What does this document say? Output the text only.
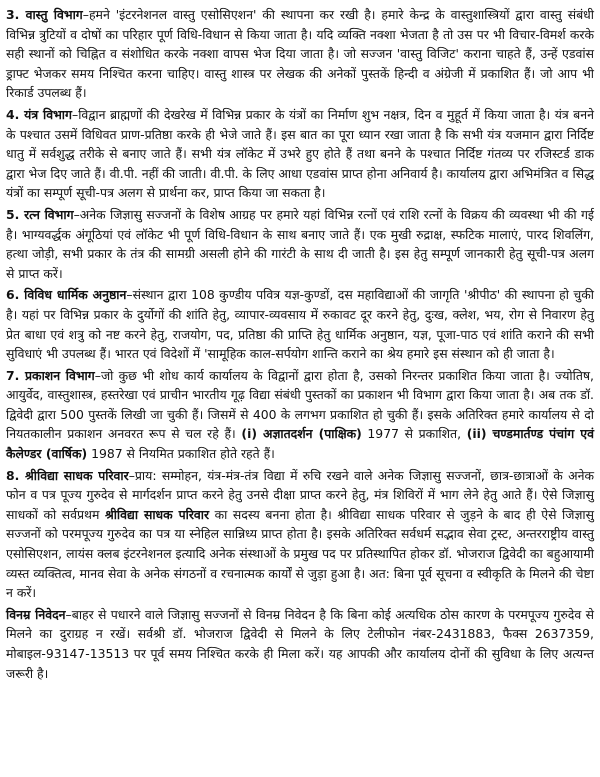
3. वास्तु विभाग–हमने 'इंटरनेशनल वास्तु एसोसिएशन' की स्थापना कर रखी है। हमारे केन्द्र के वास्तुशास्त्रियों द्वारा वास्तु संबंधी विभिन्न त्रुटियों व दोषों का परिहार पूर्ण विधि-विधान से किया जाता है। यदि व्यक्ति नक्शा भेजता है तो उस पर भी विचार-विमर्श करके सही स्थानों को चिह्नित व संशोधित करके नक्शा वापस भेज दिया जाता है। जो सज्जन 'वास्तु विजिट' कराना चाहते हैं, उन्हें एडवांस ड्राफ्ट भेजकर समय निश्चित करना चाहिए। वास्तु शास्त्र पर लेखक की अनेकों पुस्तकें हिन्दी व अंग्रेजी में प्रकाशित हैं। जो आप भी रिकार्ड उपलब्ध हैं।

4. यंत्र विभाग–विद्वान ब्राह्मणों की देखरेख में विभिन्न प्रकार के यंत्रों का निर्माण शुभ नक्षत्र, दिन व मुहूर्त में किया जाता है। यंत्र बनने के पश्चात उसमें विधिवत प्राण-प्रतिष्ठा करके ही भेजे जाते हैं। इस बात का पूरा ध्यान रखा जाता है कि सभी यंत्र यजमान द्वारा निर्दिष्ट धातु में सर्वशुद्ध तरीके से बनाए जाते हैं। सभी यंत्र लॉकेट में उभरे हुए होते हैं तथा बनने के पश्चात निर्दिष्ट गंतव्य पर रजिस्टर्ड डाक द्वारा भेज दिए जाते हैं। वी.पी. नहीं की जाती। वी.पी. के लिए आधा एडवांस प्राप्त होना अनिवार्य है। कार्यालय द्वारा अभिमंत्रित व सिद्ध यंत्रों का सम्पूर्ण सूची-पत्र अलग से प्रार्थना कर, प्राप्त किया जा सकता है।

5. रत्न विभाग–अनेक जिज्ञासु सज्जनों के विशेष आग्रह पर हमारे यहां विभिन्न रत्नों एवं राशि रत्नों के विक्रय की व्यवस्था भी की गई है। भाग्यवर्द्धक अंगूठियां एवं लॉकेट भी पूर्ण विधि-विधान के साथ बनाए जाते हैं। एक मुखी रुद्राक्ष, स्फटिक मालाएं, पारद शिवलिंग, हत्था जोड़ी, सभी प्रकार के तंत्र की सामग्री असली होने की गारंटी के साथ दी जाती है। इस हेतु सम्पूर्ण जानकारी हेतु सूची-पत्र अलग से प्राप्त करें।

6. विविध धार्मिक अनुष्ठान–संस्थान द्वारा 108 कुण्डीय पवित्र यज्ञ-कुण्डों, दस महाविद्याओं की जागृति 'श्रीपीठ' की स्थापना हो चुकी है। यहां पर विभिन्न प्रकार के दुर्योगों की शांति हेतु, व्यापार-व्यवसाय में रुकावट दूर करने हेतु, दुःख, क्लेश, भय, रोग से निवारण हेतु प्रेत बाधा एवं शत्रु को नष्ट करने हेतु, राजयोग, पद, प्रतिष्ठा की प्राप्ति हेतु धार्मिक अनुष्ठान, यज्ञ, पूजा-पाठ एवं शांति कराने की सभी सुविधाएं भी उपलब्ध हैं। भारत एवं विदेशों में 'सामूहिक काल-सर्पयोग शान्ति कराने का श्रेय हमारे इस संस्थान को ही जाता है।

7. प्रकाशन विभाग–जो कुछ भी शोध कार्य कार्यालय के विद्वानों द्वारा होता है, उसको निरन्तर प्रकाशित किया जाता है। ज्योतिष, आयुर्वेद, वास्तुशास्त्र, हस्तरेखा एवं प्राचीन भारतीय गूढ़ विद्या संबंधी पुस्तकों का प्रकाशन भी विभाग द्वारा किया जाता है। अब तक डॉ. द्विवेदी द्वारा 500 पुस्तकें लिखी जा चुकी हैं। जिसमें से 400 के लगभग प्रकाशित हो चुकी हैं। इसके अतिरिक्त हमारे कार्यालय से दो नियतकालीन प्रकाशन अनवरत रूप से चल रहे हैं। (i) अज्ञातदर्शन (पाक्षिक) 1977 से प्रकाशित, (ii) चण्डमार्तण्ड पंचांग एवं कैलेण्डर (वार्षिक) 1987 से नियमित प्रकाशित होते रहते हैं।

8. श्रीविद्या साधक परिवार–प्राय: सम्मोहन, यंत्र-मंत्र-तंत्र विद्या में रुचि रखने वाले अनेक जिज्ञासु सज्जनों, छात्र-छात्राओं के अनेक फोन व पत्र पूज्य गुरुदेव से मार्गदर्शन प्राप्त करने हेतु उनसे दीक्षा प्राप्त करने हेतु, मंत्र शिविरों में भाग लेने हेतु आते हैं। ऐसे जिज्ञासु साधकों को सर्वप्रथम श्रीविद्या साधक परिवार का सदस्य बनना होता है। श्रीविद्या साधक परिवार से जुड़ने के बाद ही ऐसे जिज्ञासु सज्जनों को परमपूज्य गुरुदेव का पत्र या स्नेहिल सान्निध्य प्राप्त होता है। इसके अतिरिक्त सर्वधर्म सद्भाव सेवा ट्रस्ट, अन्तरराष्ट्रीय वास्तु एसोसिएशन, लायंस क्लब इंटरनेशनल इत्यादि अनेक संस्थाओं के प्रमुख पद पर प्रतिस्थापित होकर डॉ. भोजराज द्विवेदी का बहुआयामी व्यस्त व्यक्तित्व, मानव सेवा के अनेक संगठनों व रचनात्मक कार्यों से जुड़ा हुआ है। अत: बिना पूर्व सूचना व स्वीकृति के मिलने की चेष्टा न करें।

विनम्र निवेदन–बाहर से पधारने वाले जिज्ञासु सज्जनों से विनम्र निवेदन है कि बिना कोई अत्यधिक ठोस कारण के परमपूज्य गुरुदेव से मिलने का दुराग्रह न रखें। सर्वश्री डॉ. भोजराज द्विवेदी से मिलने के लिए टेलीफोन नंबर-2431883, फैक्स 2637359, मोबाइल-93147-13513 पर पूर्व समय निश्चित करके ही मिला करें। यह आपकी और कार्यालय दोनों की सुविधा के लिए अत्यन्त जरूरी है।
